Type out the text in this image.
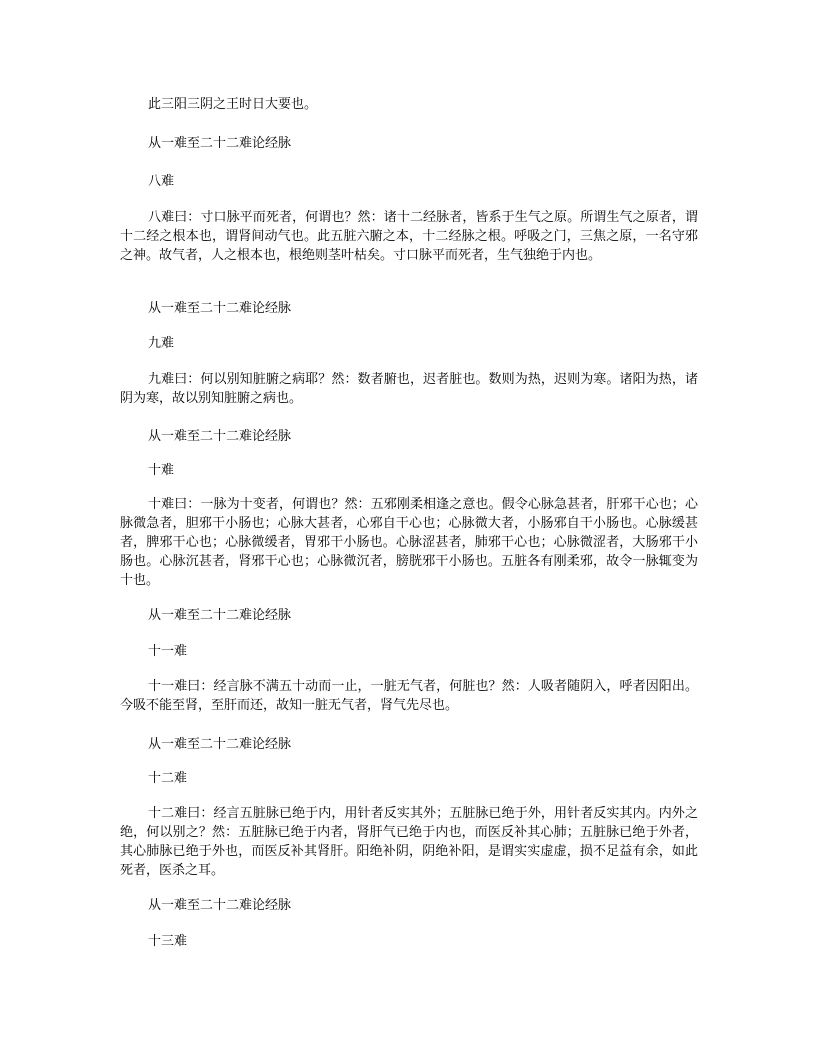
此三阳三阴之王时日大要也。
从一难至二十二难论经脉
八难
八难曰：寸口脉平而死者，何谓也？然：诸十二经脉者，皆系于生气之原。所谓生气之原者，谓十二经之根本也，谓肾间动气也。此五脏六腑之本，十二经脉之根。呼吸之门，三焦之原，一名守邪之神。故气者，人之根本也，根绝则茎叶枯矣。寸口脉平而死者，生气独绝于内也。
从一难至二十二难论经脉
九难
九难曰：何以别知脏腑之病耶？然：数者腑也，迟者脏也。数则为热，迟则为寒。诸阳为热，诸阴为寒，故以别知脏腑之病也。
从一难至二十二难论经脉
十难
十难曰：一脉为十变者，何谓也？然：五邪刚柔相逢之意也。假令心脉急甚者，肝邪干心也；心脉微急者，胆邪干小肠也；心脉大甚者，心邪自干心也；心脉微大者，小肠邪自干小肠也。心脉缓甚者，脾邪干心也；心脉微缓者，胃邪干小肠也。心脉涩甚者，肺邪干心也；心脉微涩者，大肠邪干小肠也。心脉沉甚者，肾邪干心也；心脉微沉者，膀胱邪干小肠也。五脏各有刚柔邪，故令一脉辄变为十也。
从一难至二十二难论经脉
十一难
十一难曰：经言脉不满五十动而一止，一脏无气者，何脏也？然：人吸者随阴入，呼者因阳出。今吸不能至肾，至肝而还，故知一脏无气者，肾气先尽也。
从一难至二十二难论经脉
十二难
十二难曰：经言五脏脉已绝于内，用针者反实其外；五脏脉已绝于外，用针者反实其内。内外之绝，何以别之？然：五脏脉已绝于内者，肾肝气已绝于内也，而医反补其心肺；五脏脉已绝于外者，其心肺脉已绝于外也，而医反补其肾肝。阳绝补阴，阴绝补阳，是谓实实虚虚，损不足益有余，如此死者，医杀之耳。
从一难至二十二难论经脉
十三难
